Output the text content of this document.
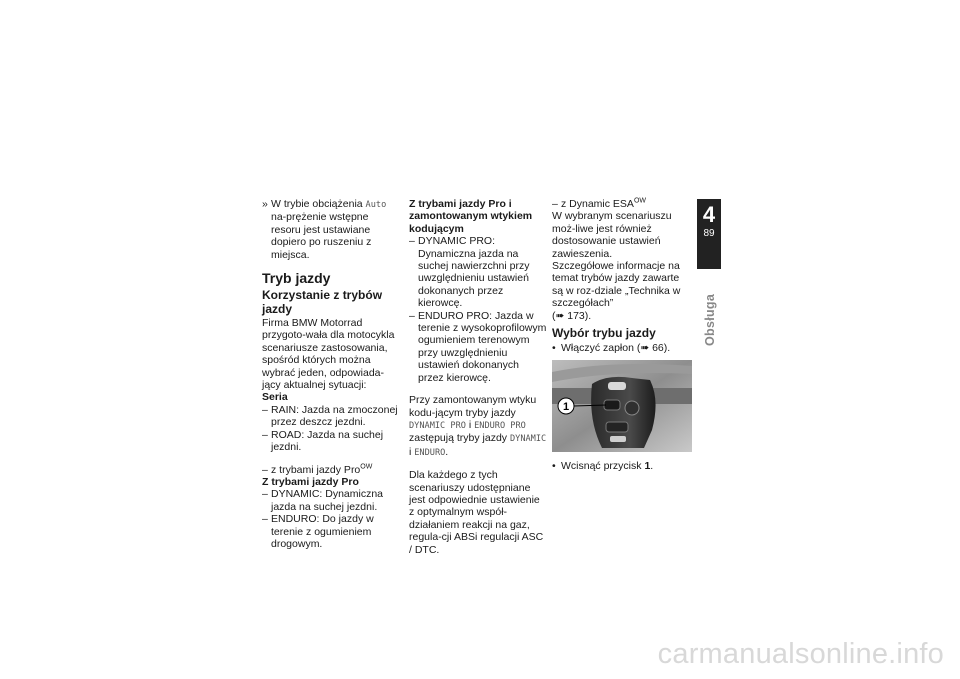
» W trybie obciążenia Auto na-prężenie wstępne resoru jest ustawiane dopiero po ruszeniu z miejsca.
Tryb jazdy
Korzystanie z trybów jazdy

Firma BMW Motorrad przygoto-wała dla motocykla scenariusze zastosowania, spośród których można wybrać jeden, odpowiada-jący aktualnej sytuacji:

Seria
– RAIN: Jazda na zmoczonej przez deszcz jezdni.
– ROAD: Jazda na suchej jezdni.
– z trybami jazdy Pro$^{OW}$
Z trybami jazdy Pro
– DYNAMIC: Dynamiczna jazda na suchej jezdni.
– ENDURO: Do jazdy w terenie z ogumieniem drogowym.
Z trybami jazdy Pro i zamontowanym wtykiem kodującym
– DYNAMIC PRO: Dynamiczna jazda na suchej nawierzchni przy uwzględnieniu ustawień dokonanych przez kierowcę.
– ENDURO PRO: Jazda w terenie z wysokoprofilowym ogumieniem terenowym przy uwzględnieniu ustawień dokonanych przez kierowcę.

Przy zamontowanym wtyku kodu-jącym tryby jazdy DYNAMIC PRO i ENDURO PRO zastępują tryby jazdy DYNAMIC i ENDURO.

Dla każdego z tych scenariuszy udostępniane jest odpowiednie ustawienie z optymalnym współ-działaniem reakcji na gaz, regula-cji ABSi regulacji ASC / DTC.

– z Dynamic $ESA^{OW}$

W wybranym scenariuszu moż-liwe jest również dostosowanie ustawień zawieszenia.

Szczegółowe informacje na temat trybów jazdy zawarte są w roz-dziale „Technika w szczegółach”
(➠ 173).

Wybór trybu jazdy
• Włączyć zapłon (➠ 66).
1
• Wcisnąć przycisk 1.
4
89
Obsługa
carmanualsonline.info
